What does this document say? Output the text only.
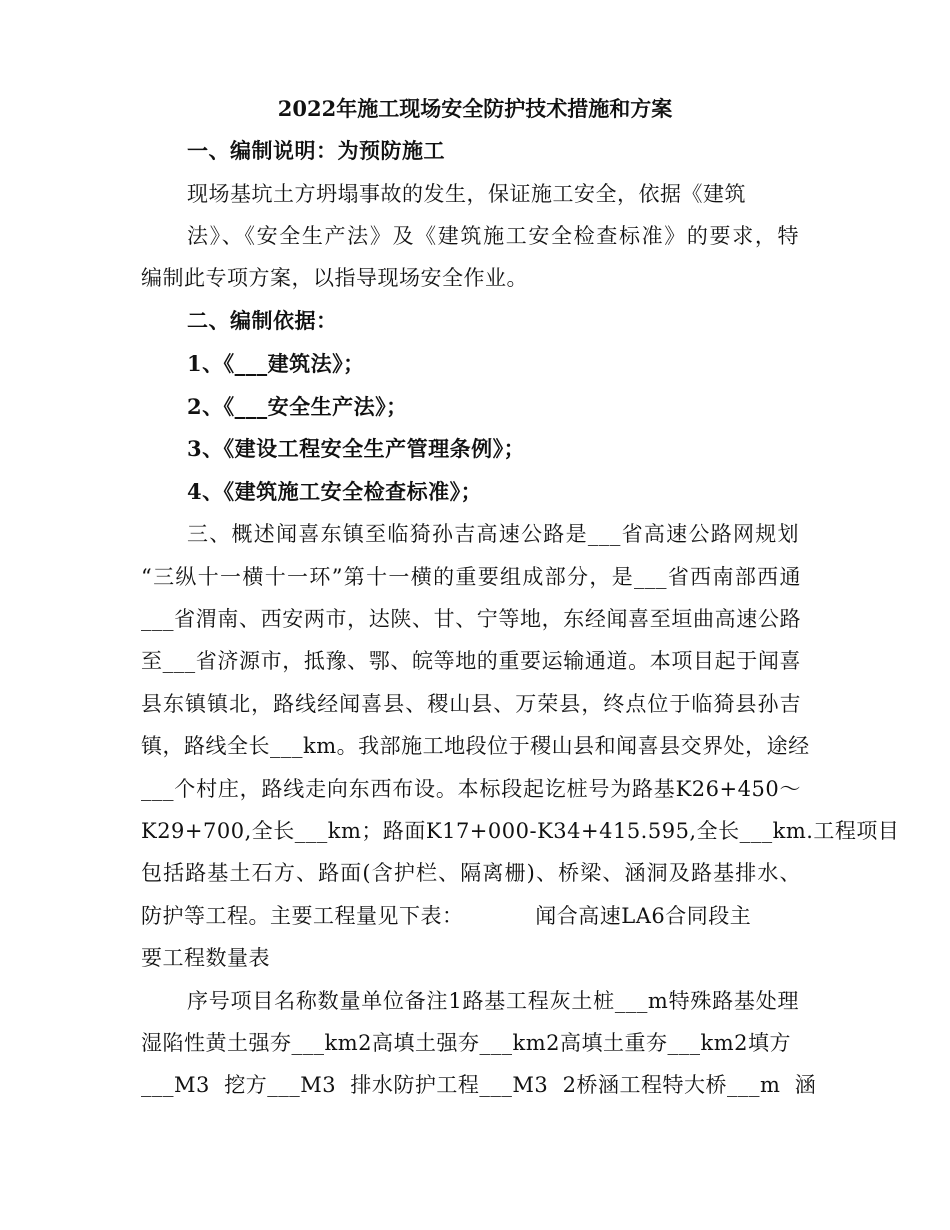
2022年施工现场安全防护技术措施和方案
一、编制说明：为预防施工
现场基坑土方坍塌事故的发生，保证施工安全，依据《建筑
法》、《安全生产法》及《建筑施工安全检查标准》的要求，特
编制此专项方案，以指导现场安全作业。
二、编制依据：
1、《___建筑法》；
2、《___安全生产法》；
3、《建设工程安全生产管理条例》；
4、《建筑施工安全检查标准》；
三、概述闻喜东镇至临猗孙吉高速公路是___省高速公路网规划
“三纵十一横十一环”第十一横的重要组成部分，是___省西南部西通
___省渭南、西安两市，达陕、甘、宁等地，东经闻喜至垣曲高速公路
至___省济源市，抵豫、鄂、皖等地的重要运输通道。本项目起于闻喜
县东镇镇北，路线经闻喜县、稷山县、万荣县，终点位于临猗县孙吉
镇，路线全长___km。我部施工地段位于稷山县和闻喜县交界处，途经
___个村庄，路线走向东西布设。本标段起讫桩号为路基K26+450～
K29+700,全长___km；路面K17+000-K34+415.595,全长___km.工程项目
包括路基土石方、路面(含护栏、隔离栅)、桥梁、涵洞及路基排水、
防护等工程。主要工程量见下表：          闻合高速LA6合同段主
要工程数量表
序号项目名称数量单位备注1路基工程灰土桩___m特殊路基处理
湿陷性黄土强夯___km2高填土强夯___km2高填土重夯___km2填方
___M3  挖方___M3  排水防护工程___M3  2桥涵工程特大桥___m  涵
